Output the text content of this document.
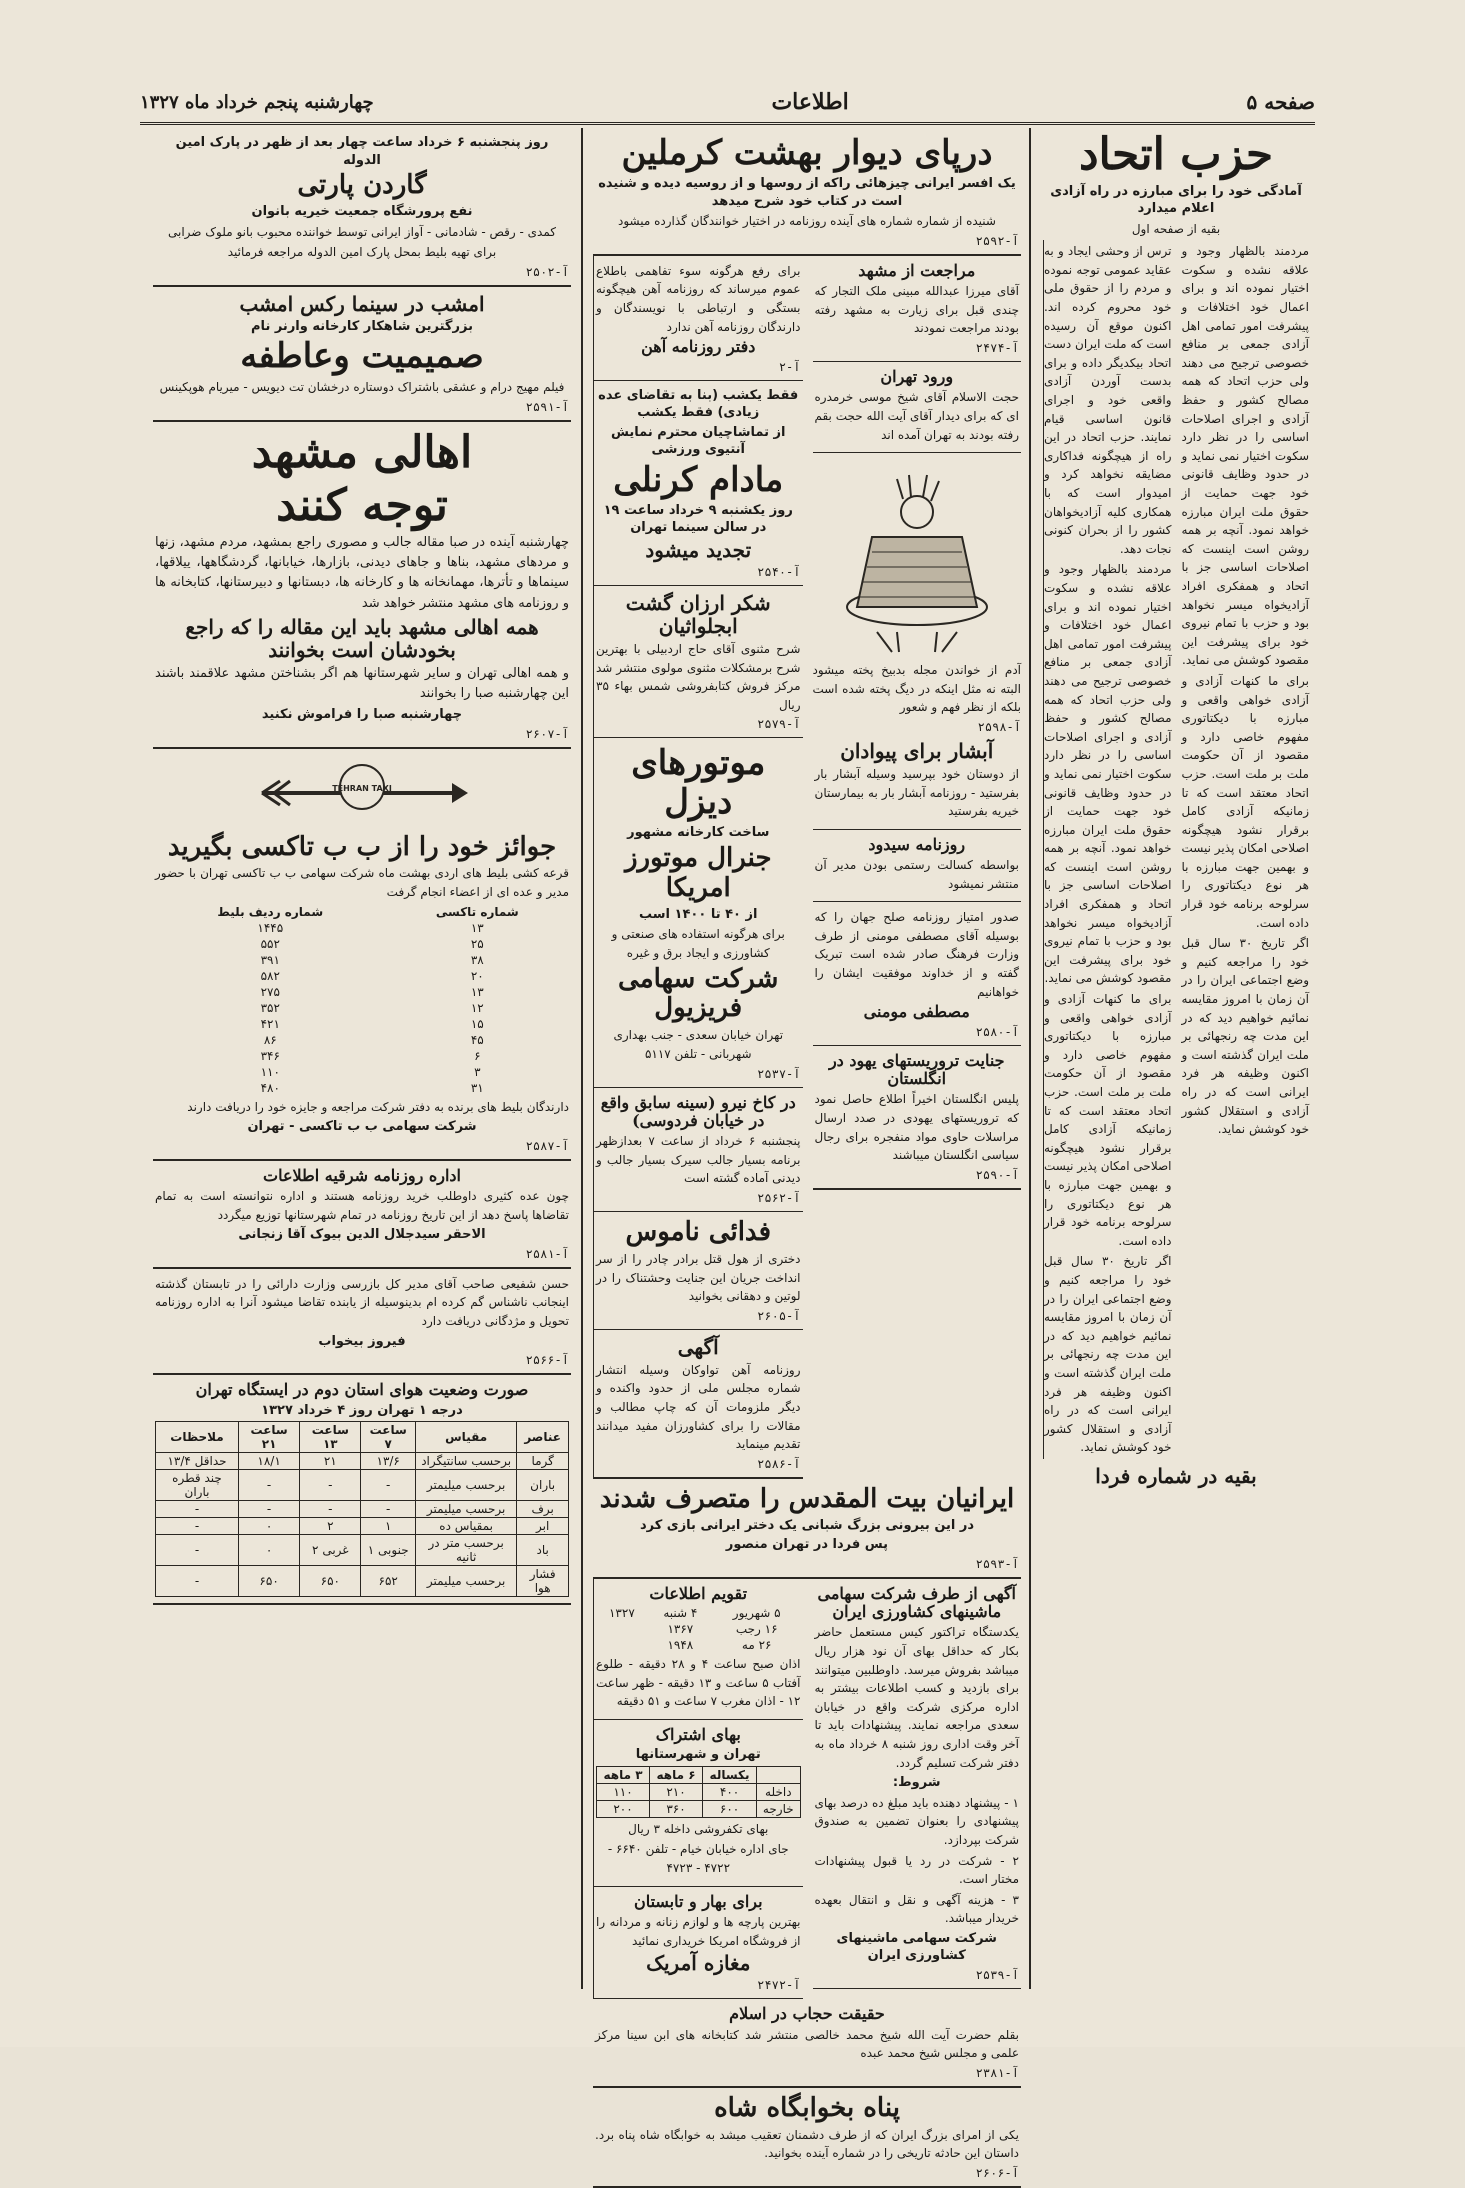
صفحه ۵
اطلاعات
چهارشنبه پنجم خرداد ماه ۱۳۲۷
حزب اتحاد
آمادگی خود را برای مبارزه در راه آزادی اعلام میدارد
بقیه از صفحه اول

مردمند بالظهار وجود و علاقه نشده و سکوت اختیار نموده اند و برای اعمال خود اختلافات و پیشرفت امور تمامی اهل آزادی جمعی بر منافع خصوصی ترجیح می دهند ولی حزب اتحاد که همه مصالح کشور و حفظ آزادی و اجرای اصلاحات اساسی را در نظر دارد سکوت اختیار نمی نماید و در حدود وظایف قانونی خود جهت حمایت از حقوق ملت ایران مبارزه خواهد نمود. آنچه بر همه روشن است اینست که اصلاحات اساسی جز با اتحاد و همفکری افراد آزادیخواه میسر نخواهد بود و حزب با تمام نیروی خود برای پیشرفت این مقصود کوشش می نماید.

برای ما کنهات آزادی و آزادی خواهی واقعی و مبارزه با دیکتاتوری مفهوم خاصی دارد و مقصود از آن حکومت ملت بر ملت است. حزب اتحاد معتقد است که تا زمانیکه آزادی کامل برقرار نشود هیچگونه اصلاحی امکان پذیر نیست و بهمین جهت مبارزه با هر نوع دیکتاتوری را سرلوحه برنامه خود قرار داده است.

اگر تاریخ ۳۰ سال قبل خود را مراجعه کنیم و وضع اجتماعی ایران را در آن زمان با امروز مقایسه نمائیم خواهیم دید که در این مدت چه رنجهائی بر ملت ایران گذشته است و اکنون وظیفه هر فرد ایرانی است که در راه آزادی و استقلال کشور خود کوشش نماید.

ترس از وحشی ایجاد و به عقاید عمومی توجه نموده و مردم را از حقوق ملی خود محروم کرده اند. اکنون موقع آن رسیده است که ملت ایران دست اتحاد بیکدیگر داده و برای بدست آوردن آزادی واقعی خود و اجرای قانون اساسی قیام نمایند. حزب اتحاد در این راه از هیچگونه فداکاری مضایقه نخواهد کرد و امیدوار است که با همکاری کلیه آزادیخواهان کشور را از بحران کنونی نجات دهد.

مردمند بالظهار وجود و علاقه نشده و سکوت اختیار نموده اند و برای اعمال خود اختلافات و پیشرفت امور تمامی اهل آزادی جمعی بر منافع خصوصی ترجیح می دهند ولی حزب اتحاد که همه مصالح کشور و حفظ آزادی و اجرای اصلاحات اساسی را در نظر دارد سکوت اختیار نمی نماید و در حدود وظایف قانونی خود جهت حمایت از حقوق ملت ایران مبارزه خواهد نمود. آنچه بر همه روشن است اینست که اصلاحات اساسی جز با اتحاد و همفکری افراد آزادیخواه میسر نخواهد بود و حزب با تمام نیروی خود برای پیشرفت این مقصود کوشش می نماید.

برای ما کنهات آزادی و آزادی خواهی واقعی و مبارزه با دیکتاتوری مفهوم خاصی دارد و مقصود از آن حکومت ملت بر ملت است. حزب اتحاد معتقد است که تا زمانیکه آزادی کامل برقرار نشود هیچگونه اصلاحی امکان پذیر نیست و بهمین جهت مبارزه با هر نوع دیکتاتوری را سرلوحه برنامه خود قرار داده است.

اگر تاریخ ۳۰ سال قبل خود را مراجعه کنیم و وضع اجتماعی ایران را در آن زمان با امروز مقایسه نمائیم خواهیم دید که در این مدت چه رنجهائی بر ملت ایران گذشته است و اکنون وظیفه هر فرد ایرانی است که در راه آزادی و استقلال کشور خود کوشش نماید.

بقیه در شماره فردا
درپای دیوار بهشت کرملین
یک افسر ایرانی چیزهائی راکه از روسها و از روسیه دیده و شنیده است در کتاب خود شرح میدهد
شنیده از شماره شماره های آینده روزنامه در اختیار خوانندگان گذارده میشود
آ-۲۵۹۲
مراجعت از مشهد
آقای میرزا عبدالله مبینی ملک التجار که چندی قبل برای زیارت به مشهد رفته بودند مراجعت نمودند
آ-۲۴۷۴
ورود تهران
حجت الاسلام آقای شیخ موسی خرمدره ای که برای دیدار آقای آیت الله حجت بقم رفته بودند به تهران آمده اند
آدم از خواندن مجله بدبیخ پخته میشود البته نه مثل اینکه در دیگ پخته شده است بلکه از نظر فهم و شعور
آ-۲۵۹۸
آبشار برای پیوادان
از دوستان خود بپرسید وسیله آبشار بار بفرستید - روزنامه آبشار بار به بیمارستان خیریه بفرستید
روزنامه سیدود
بواسطه کسالت رستمی بودن مدیر آن منتشر نمیشود
صدور امتیاز روزنامه صلح جهان را که بوسیله آقای مصطفی مومنی از طرف وزارت فرهنگ صادر شده است تبریک گفته و از خداوند موفقیت ایشان را خواهانیم
مصطفی مومنی
آ-۲۵۸۰
جنایت تروریستهای یهود در انگلستان
پلیس انگلستان اخیراً اطلاع حاصل نمود که تروریستهای یهودی در صدد ارسال مراسلات حاوی مواد منفجره برای رجال سیاسی انگلستان میباشند
آ-۲۵۹۰
برای رفع هرگونه سوء تفاهمی باطلاع عموم میرساند که روزنامه آهن هیچگونه بستگی و ارتباطی با نویسندگان و دارندگان روزنامه آهن ندارد
دفتر روزنامه آهن
آ-۲
فقط یکشب (بنا به تقاضای عده زیادی) فقط یکشب
از تماشاچیان محترم نمایش آنتیوی ورزشی
مادام کرنلی
روز یکشنبه ۹ خرداد ساعت ۱۹ در سالن سینما تهران
تجدید میشود
آ-۲۵۴۰
شکر ارزان گشت ابجلواثیان
شرح مثنوی آقای حاج اردبیلی با بهترین شرح برمشکلات مثنوی مولوی منتشر شد مرکز فروش کتابفروشی شمس بهاء ۳۵ ریال
آ-۲۵۷۹
موتورهای دیزل
ساخت کارخانه مشهور
جنرال موتورز امریکا
از ۴۰ تا ۱۴۰۰ اسب
برای هرگونه استفاده های صنعتی و کشاورزی و ایجاد برق و غیره
شرکت سهامی فریزیول
تهران خیابان سعدی - جنب بهداری شهربانی - تلفن ۵۱۱۷
آ-۲۵۳۷
در کاخ نیرو (سینه سابق واقع در خیابان فردوسی)
پنجشنبه ۶ خرداد از ساعت ۷ بعدازظهر برنامه بسیار جالب سیرک بسیار جالب و دیدنی آماده گشته است
آ-۲۵۶۲
فدائی ناموس
دختری از هول قتل برادر چادر را از سر انداخت جریان این جنایت وحشتناک را در لوتین و دهقانی بخوانید
آ-۲۶۰۵
آگهی
روزنامه آهن تواوکان وسیله انتشار شماره مجلس ملی از حدود واکنده و دیگر ملزومات آن که چاپ مطالب و مقالات را برای کشاورزان مفید میدانند تقدیم مینماید
آ-۲۵۸۶
ایرانیان بیت المقدس را متصرف شدند
در این بیرونی بزرگ شبانی یک دختر ایرانی بازی کرد
پس فردا در تهران منصور
آ-۲۵۹۳
آگهی از طرف شرکت سهامی ماشینهای کشاورزی ایران
یکدستگاه تراکتور کیس مستعمل حاضر بکار که حداقل بهای آن نود هزار ریال میباشد بفروش میرسد. داوطلبین میتوانند برای بازدید و کسب اطلاعات بیشتر به اداره مرکزی شرکت واقع در خیابان سعدی مراجعه نمایند. پیشنهادات باید تا آخر وقت اداری روز شنبه ۸ خرداد ماه به دفتر شرکت تسلیم گردد.
شروط:
۱ - پیشنهاد دهنده باید مبلغ ده درصد بهای پیشنهادی را بعنوان تضمین به صندوق شرکت بپردازد.
۲ - شرکت در رد یا قبول پیشنهادات مختار است.
۳ - هزینه آگهی و نقل و انتقال بعهده خریدار میباشد.
شرکت سهامی ماشینهای کشاورزی ایران
آ-۲۵۳۹
تقویم اطلاعات
۵ شهریور	۴ شنبه	۱۳۲۷
۱۶ رجب	۱۳۶۷	
۲۶ مه	۱۹۴۸	
اذان صبح ساعت ۴ و ۲۸ دقیقه - طلوع آفتاب ۵ ساعت و ۱۳ دقیقه - ظهر ساعت ۱۲ - اذان مغرب ۷ ساعت و ۵۱ دقیقه
بهای اشتراک
تهران و شهرستانها
	یکساله	۶ ماهه	۳ ماهه
داخله	۴۰۰	۲۱۰	۱۱۰
خارجه	۶۰۰	۳۶۰	۲۰۰
بهای تکفروشی داخله ۳ ریال
جای اداره خیابان خیام - تلفن ۶۶۴۰ - ۴۷۲۲ - ۴۷۲۳
برای بهار و تابستان
بهترین پارچه ها و لوازم زنانه و مردانه را از فروشگاه امریکا خریداری نمائید
مغازه آمریک
آ-۲۴۷۲
حقیقت حجاب در اسلام
بقلم حضرت آیت الله شیخ محمد خالصی منتشر شد کتابخانه های ابن سینا مرکز علمی و مجلس شیخ محمد عبده
آ-۲۳۸۱
پناه بخوابگاه شاه
یکی از امرای بزرگ ایران که از طرف دشمنان تعقیب میشد به خوابگاه شاه پناه برد. داستان این حادثه تاریخی را در شماره آینده بخوانید.
آ-۲۶۰۶
روز پنجشنبه ۶ خرداد ساعت چهار بعد از ظهر در پارک امین الدوله
گاردن پارتی
نفع پرورشگاه جمعیت خیریه بانوان
کمدی - رقص - شادمانی - آواز ایرانی توسط خواننده محبوب بانو ملوک ضرابی
برای تهیه بلیط بمحل پارک امین الدوله مراجعه فرمائید
آ-۲۵۰۲
امشب در سینما رکس امشب
بزرگترین شاهکار کارخانه وارنر نام
صمیمیت وعاطفه
فیلم مهیج درام و عشقی باشتراک دوستاره درخشان تت دیویس - میریام هوپکینس
آ-۲۵۹۱
اهالی مشهد
توجه کنند
چهارشنبه آینده در صبا مقاله جالب و مصوری راجع بمشهد، مردم مشهد، زنها و مردهای مشهد، بناها و جاهای دیدنی، بازارها، خیابانها، گردشگاهها، ییلاقها، سینماها و تأترها، مهمانخانه ها و کارخانه ها، دبستانها و دبیرستانها، کتابخانه ها و روزنامه های مشهد منتشر خواهد شد
همه اهالی مشهد باید این مقاله را که راجع بخودشان است بخوانند
و همه اهالی تهران و سایر شهرستانها هم اگر بشناختن مشهد علاقمند باشند این چهارشنبه صبا را بخوانند
چهارشنبه صبا را فراموش نکنید
آ-۲۶۰۷
TEHRAN TAXI
جوائز خود را از ب ب تاکسی بگیرید
قرعه کشی بلیط های اردی بهشت ماه شرکت سهامی ب ب تاکسی تهران با حضور مدیر و عده ای از اعضاء انجام گرفت
شماره تاکسی	شماره ردیف بلیط
۱۳	۱۴۴۵
۲۵	۵۵۲
۳۸	۳۹۱
۲۰	۵۸۲
۱۳	۲۷۵
۱۲	۳۵۲
۱۵	۴۲۱
۴۵	۸۶
۶	۳۴۶
۳	۱۱۰
۳۱	۴۸۰
دارندگان بلیط های برنده به دفتر شرکت مراجعه و جایزه خود را دریافت دارند
شرکت سهامی ب ب تاکسی - تهران
آ-۲۵۸۷
اداره روزنامه شرقیه اطلاعات
چون عده کثیری داوطلب خرید روزنامه هستند و اداره نتوانسته است به تمام تقاضاها پاسخ دهد از این تاریخ روزنامه در تمام شهرستانها توزیع میگردد
الاحقر سیدجلال الدین بیوک آقا زنجانی
آ-۲۵۸۱
حسن شفیعی صاحب آقای مدیر کل بازرسی وزارت دارائی را در تابستان گذشته اینجانب ناشناس گم کرده ام بدینوسیله از یابنده تقاضا میشود آنرا به اداره روزنامه تحویل و مژدگانی دریافت دارد
فیروز بیخواب
آ-۲۵۶۶
صورت وضعیت هوای استان دوم در ایستگاه تهران
درجه ۱ تهران روز ۴ خرداد ۱۳۲۷
عناصر	مقیاس	ساعت ۷	ساعت ۱۳	ساعت ۲۱	ملاحظات
گرما	برحسب سانتیگراد	۱۳/۶	۲۱	۱۸/۱	حداقل ۱۳/۴
باران	برحسب میلیمتر	-	-	-	چند قطره باران
برف	برحسب میلیمتر	-	-	-	-
ابر	بمقیاس ده	۱	۲	۰	-
باد	برحسب متر در ثانیه	جنوبی ۱	غربی ۲	۰	-
فشار هوا	برحسب میلیمتر	۶۵۲	۶۵۰	۶۵۰	-
